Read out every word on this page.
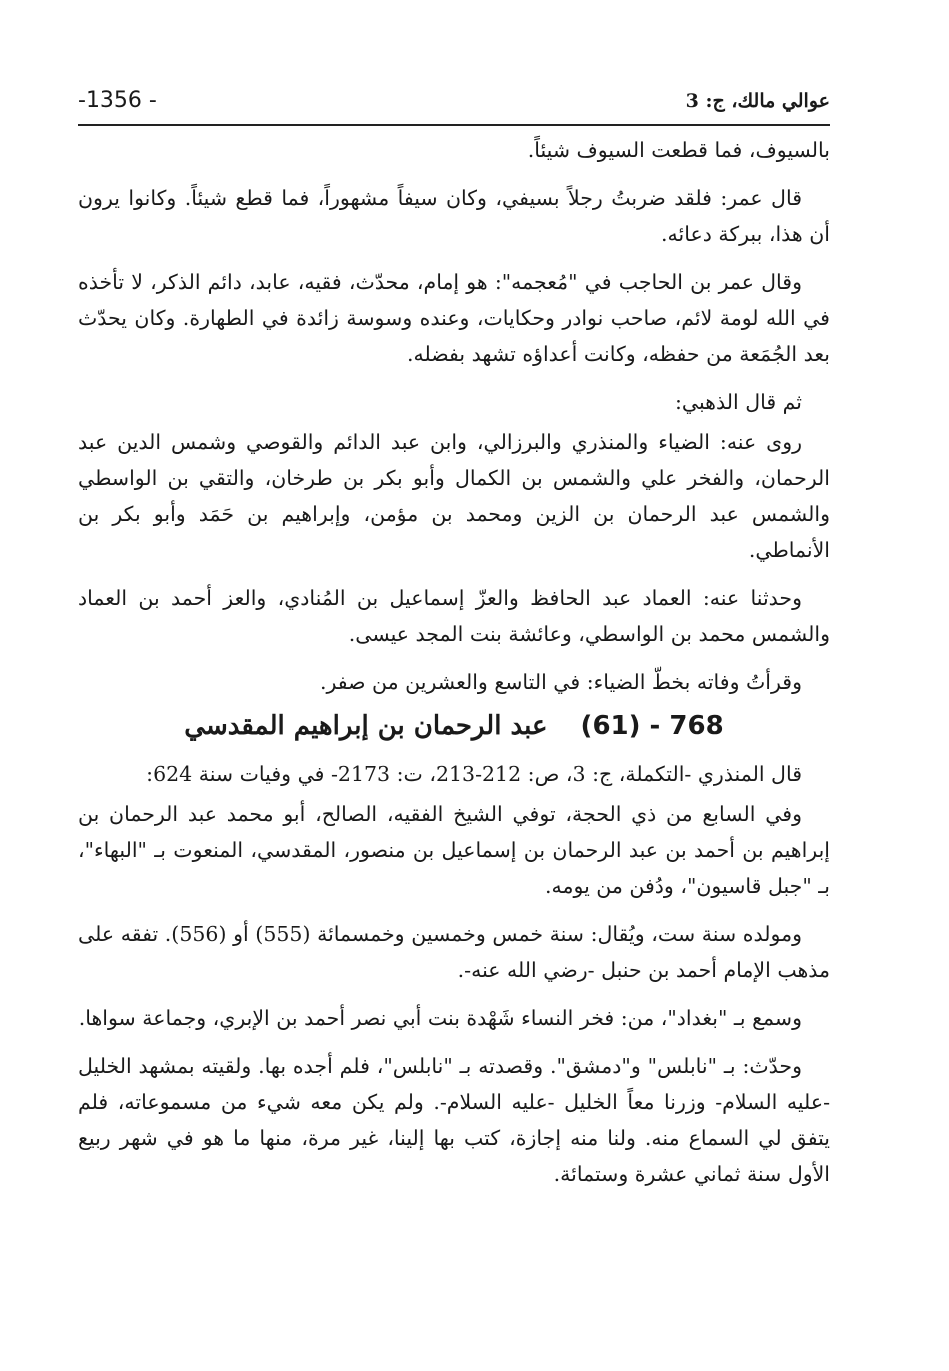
-1356 -	عوالي مالك، ج: 3

بالسيوف، فما قطعت السيوف شيئاً.

قال عمر: فلقد ضربتُ رجلاً بسيفي، وكان سيفاً مشهوراً، فما قطع شيئاً. وكانوا يرون أن هذا، ببركة دعائه.

وقال عمر بن الحاجب في "مُعجمه": هو إمام، محدّث، فقيه، عابد، دائم الذكر، لا تأخذه في الله لومة لائم، صاحب نوادر وحكايات، وعنده وسوسة زائدة في الطهارة. وكان يحدّث بعد الجُمَعة من حفظه، وكانت أعداؤه تشهد بفضله.

ثم قال الذهبي:

روى عنه: الضياء والمنذري والبرزالي، وابن عبد الدائم والقوصي وشمس الدين عبد الرحمان، والفخر علي والشمس بن الكمال وأبو بكر بن طرخان، والتقي بن الواسطي والشمس عبد الرحمان بن الزين ومحمد بن مؤمن، وإبراهيم بن حَمَد وأبو بكر بن الأنماطي.

وحدثنا عنه: العماد عبد الحافظ والعزّ إسماعيل بن المُنادي، والعز أحمد بن العماد والشمس محمد بن الواسطي، وعائشة بنت المجد عيسى.

وقرأتُ وفاته بخطّ الضياء: في التاسع والعشرين من صفر.

768 - (61) عبد الرحمان بن إبراهيم المقدسي

قال المنذري -التكملة، ج: 3، ص: 212-213، ت: 2173- في وفيات سنة 624:

وفي السابع من ذي الحجة، توفي الشيخ الفقيه، الصالح، أبو محمد عبد الرحمان بن إبراهيم بن أحمد بن عبد الرحمان بن إسماعيل بن منصور، المقدسي، المنعوت بـ "البهاء"، بـ "جبل قاسيون"، ودُفن من يومه.

ومولده سنة ست، ويُقال: سنة خمس وخمسين وخمسمائة (555) أو (556). تفقه على مذهب الإمام أحمد بن حنبل -رضي الله عنه-.

وسمع بـ "بغداد"، من: فخر النساء شَهْدة بنت أبي نصر أحمد بن الإبري، وجماعة سواها.

وحدّث: بـ "نابلس" و"دمشق". وقصدته بـ "نابلس"، فلم أجده بها. ولقيته بمشهد الخليل -عليه السلام- وزرنا معاً الخليل -عليه السلام-. ولم يكن معه شيء من مسموعاته، فلم يتفق لي السماع منه. ولنا منه إجازة، كتب بها إلينا، غير مرة، منها ما هو في شهر ربيع الأول سنة ثماني عشرة وستمائة.
